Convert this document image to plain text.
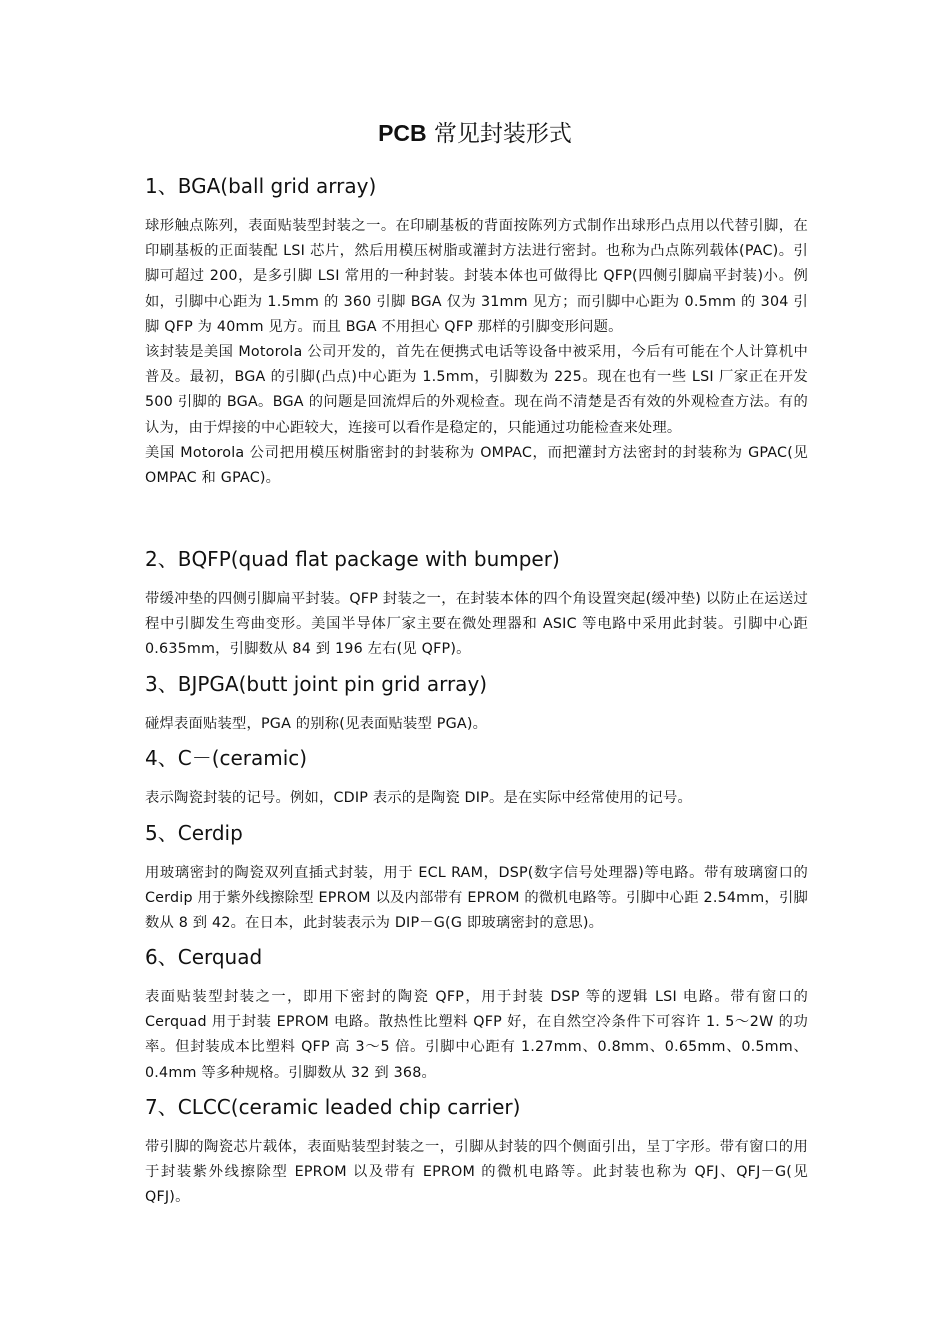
PCB 常见封装形式
1、BGA(ball grid array)

球形触点陈列，表面贴装型封装之一。在印刷基板的背面按陈列方式制作出球形凸点用以代替引脚，在印刷基板的正面装配 LSI 芯片，然后用模压树脂或灌封方法进行密封。也称为凸点陈列载体(PAC)。引脚可超过 200，是多引脚 LSI 常用的一种封装。封装本体也可做得比 QFP(四侧引脚扁平封装)小。例如，引脚中心距为 1.5mm 的 360 引脚 BGA 仅为 31mm 见方；而引脚中心距为 0.5mm 的 304 引脚 QFP 为 40mm 见方。而且 BGA 不用担心 QFP 那样的引脚变形问题。

该封装是美国 Motorola 公司开发的，首先在便携式电话等设备中被采用，今后有可能在个人计算机中普及。最初，BGA 的引脚(凸点)中心距为 1.5mm，引脚数为 225。现在也有一些 LSI 厂家正在开发 500 引脚的 BGA。BGA 的问题是回流焊后的外观检查。现在尚不清楚是否有效的外观检查方法。有的认为，由于焊接的中心距较大，连接可以看作是稳定的，只能通过功能检查来处理。

美国 Motorola 公司把用模压树脂密封的封装称为 OMPAC，而把灌封方法密封的封装称为 GPAC(见 OMPAC 和 GPAC)。

2、BQFP(quad flat package with bumper)

带缓冲垫的四侧引脚扁平封装。QFP 封装之一，在封装本体的四个角设置突起(缓冲垫) 以防止在运送过程中引脚发生弯曲变形。美国半导体厂家主要在微处理器和 ASIC 等电路中采用此封装。引脚中心距 0.635mm，引脚数从 84 到 196 左右(见 QFP)。

3、BJPGA(butt joint pin grid array)

碰焊表面贴装型，PGA 的别称(见表面贴装型 PGA)。

4、C－(ceramic)

表示陶瓷封装的记号。例如，CDIP 表示的是陶瓷 DIP。是在实际中经常使用的记号。

5、Cerdip

用玻璃密封的陶瓷双列直插式封装，用于 ECL RAM，DSP(数字信号处理器)等电路。带有玻璃窗口的 Cerdip 用于紫外线擦除型 EPROM 以及内部带有 EPROM 的微机电路等。引脚中心距 2.54mm，引脚数从 8 到 42。在日本，此封装表示为 DIP－G(G 即玻璃密封的意思)。

6、Cerquad

表面贴装型封装之一，即用下密封的陶瓷 QFP，用于封装 DSP 等的逻辑 LSI 电路。带有窗口的 Cerquad 用于封装 EPROM 电路。散热性比塑料 QFP 好，在自然空冷条件下可容许 1. 5～2W 的功率。但封装成本比塑料 QFP 高 3～5 倍。引脚中心距有 1.27mm、0.8mm、0.65mm、0.5mm、0.4mm 等多种规格。引脚数从 32 到 368。

7、CLCC(ceramic leaded chip carrier)

带引脚的陶瓷芯片载体，表面贴装型封装之一，引脚从封装的四个侧面引出，呈丁字形。带有窗口的用于封装紫外线擦除型 EPROM 以及带有 EPROM 的微机电路等。此封装也称为 QFJ、QFJ－G(见 QFJ)。
